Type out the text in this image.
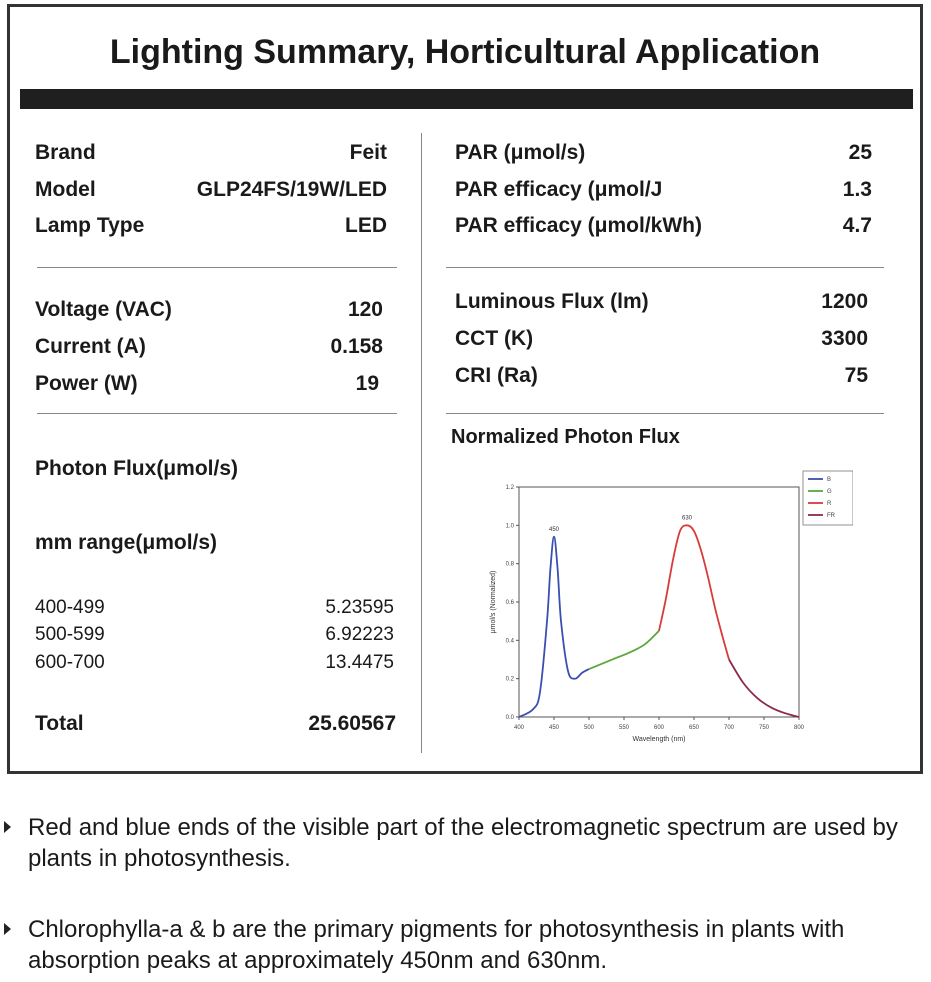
Lighting Summary, Horticultural Application
Brand	Feit
Model	GLP24FS/19W/LED
Lamp Type	LED
Voltage (VAC)	120
Current (A)	0.158
Power (W)	19
Photon Flux(μmol/s)
mm range(μmol/s)
400-499	5.23595
500-599	6.92223
600-700	13.4475
Total	25.60567
PAR (μmol/s)	25
PAR efficacy (μmol/J	1.3
PAR efficacy (μmol/kWh)	4.7
Luminous Flux (lm)	1200
CCT (K)	3300
CRI (Ra)	75
Normalized Photon Flux
400	450	500	550	600	650	700	750	800
0.0
0.2
0.4
0.6
0.8
1.0
1.2
Wavelength (nm)
μmol/s (Normalized)
450
630
B
G
R
FR
Red and blue ends of the visible part of the electromagnetic spectrum are used by plants in photosynthesis.
Chlorophylla-a & b are the primary pigments for photosynthesis in plants with absorption peaks at approximately 450nm and 630nm.
